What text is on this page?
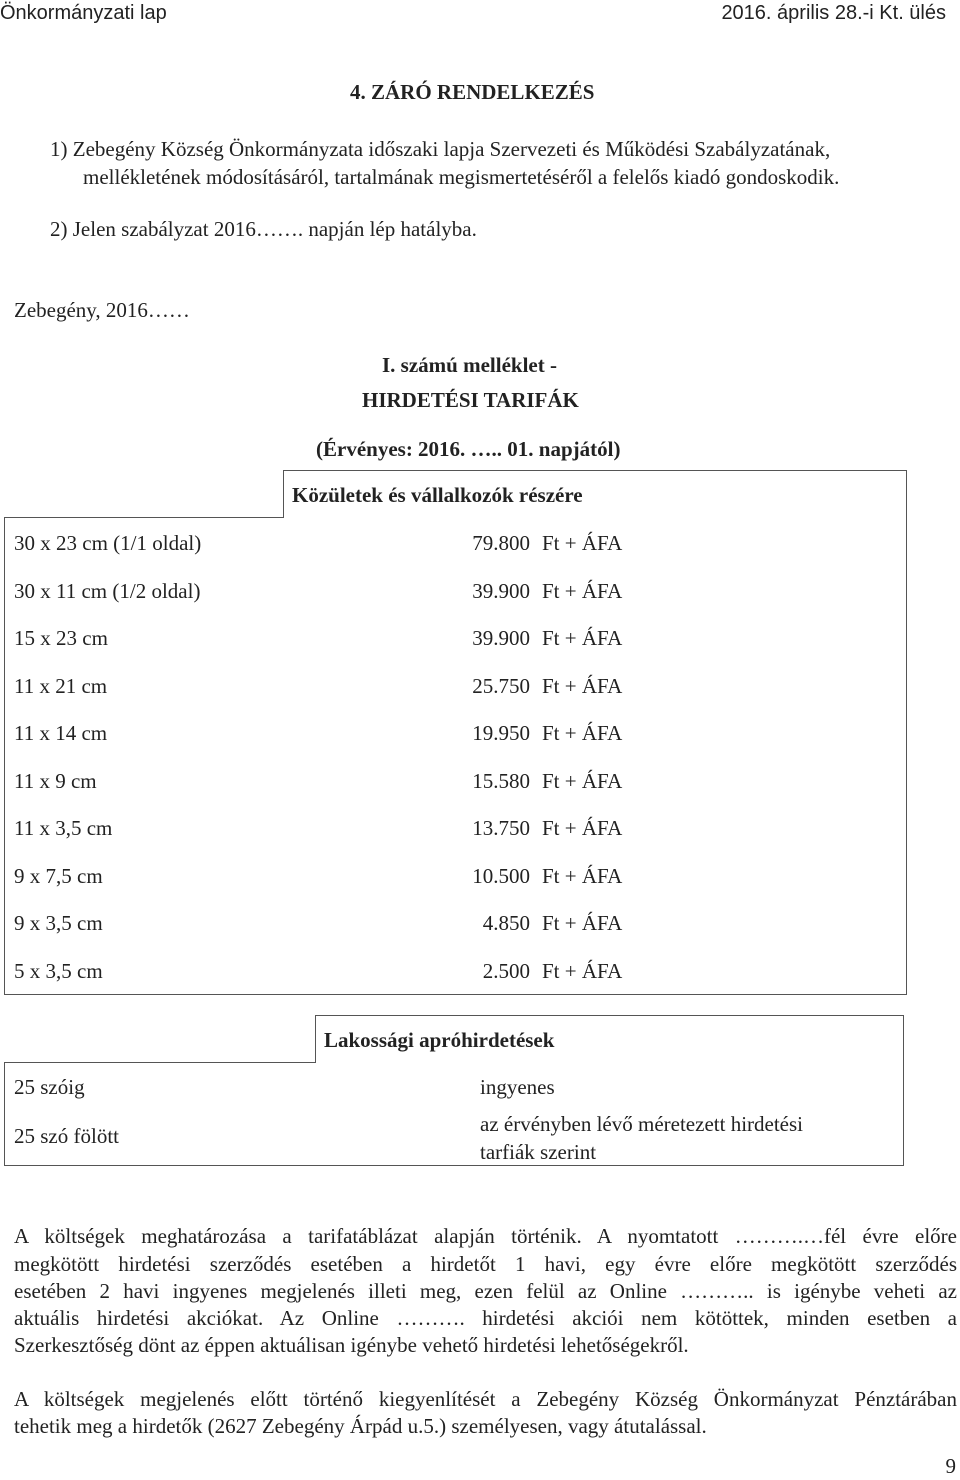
Önkormányzati lap	2016. április 28.-i Kt. ülés
4. ZÁRÓ RENDELKEZÉS
1) Zebegény Község Önkormányzata időszaki lapja Szervezeti és Működési Szabályzatának,
mellékletének módosításáról, tartalmának megismertetéséről a felelős kiadó gondoskodik.
2) Jelen szabályzat 2016……. napján lép hatályba.
Zebegény, 2016……
I. számú melléklet -
HIRDETÉSI TARIFÁK
(Érvényes: 2016. ….. 01. napjától)
Közületek és vállalkozók részére
30 x 23 cm (1/1 oldal)	79.800 Ft + ÁFA
30 x 11 cm (1/2 oldal)	39.900 Ft + ÁFA
15 x 23 cm	39.900 Ft + ÁFA
11 x 21 cm	25.750 Ft + ÁFA
11 x 14 cm	19.950 Ft + ÁFA
11 x 9 cm	15.580 Ft + ÁFA
11 x 3,5 cm	13.750 Ft + ÁFA
9 x 7,5 cm	10.500 Ft + ÁFA
9 x 3,5 cm	4.850 Ft + ÁFA
5 x 3,5 cm	2.500 Ft + ÁFA
Lakossági apróhirdetések
25 szóig	ingyenes
25 szó fölött	az érvényben lévő méretezett hirdetési
tarfiák szerint
A költségek meghatározása a tarifatáblázat alapján történik. A nyomtatott ……….…fél évre előre
megkötött hirdetési szerződés esetében a hirdetőt 1 havi, egy évre előre megkötött szerződés
esetében 2 havi ingyenes megjelenés illeti meg, ezen felül az Online ……….. is igénybe veheti az
aktuális hirdetési akciókat. Az Online ………. hirdetési akciói nem kötöttek, minden esetben a
Szerkesztőség dönt az éppen aktuálisan igénybe vehető hirdetési lehetőségekről.
A költségek megjelenés előtt történő kiegyenlítését a Zebegény Község Önkormányzat Pénztárában
tehetik meg a hirdetők (2627 Zebegény Árpád u.5.) személyesen, vagy átutalással.
9
